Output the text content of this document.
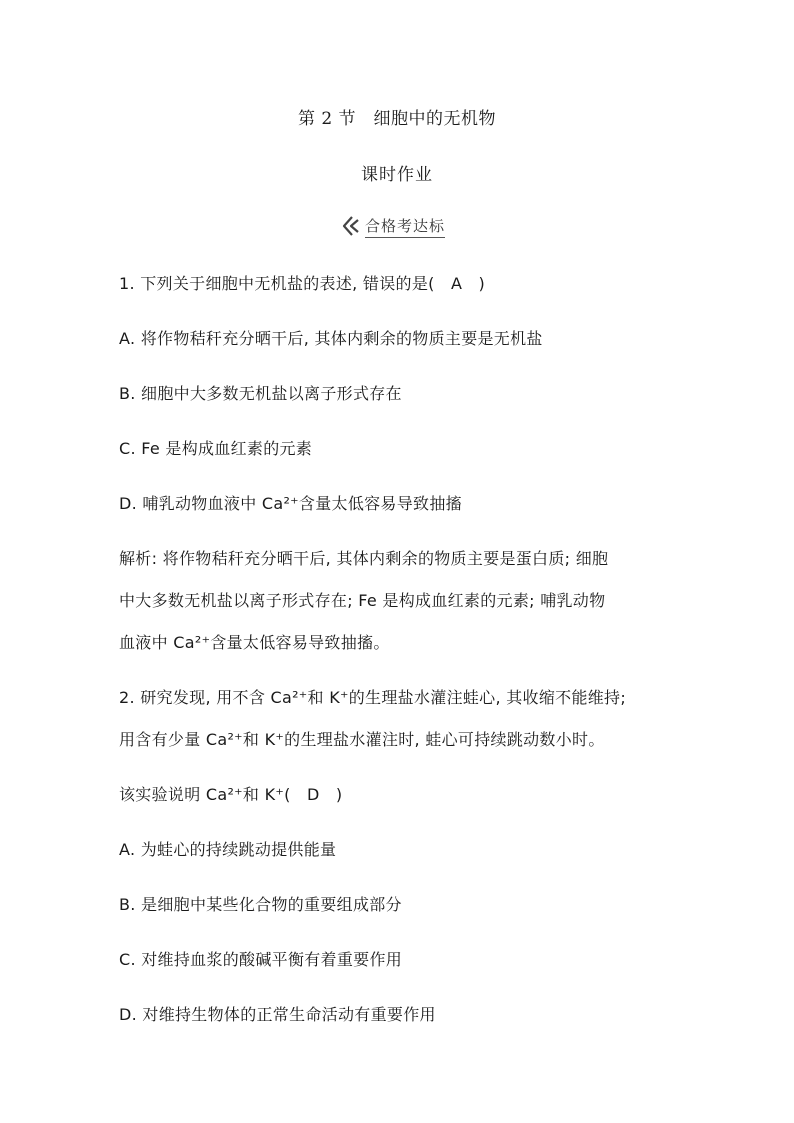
第 2 节　细胞中的无机物
课时作业
合格考达标
1. 下列关于细胞中无机盐的表述, 错误的是(　A　)
A. 将作物秸秆充分晒干后, 其体内剩余的物质主要是无机盐
B. 细胞中大多数无机盐以离子形式存在
C. Fe 是构成血红素的元素
D. 哺乳动物血液中 Ca²⁺含量太低容易导致抽搐
解析: 将作物秸秆充分晒干后, 其体内剩余的物质主要是蛋白质; 细胞
中大多数无机盐以离子形式存在; Fe 是构成血红素的元素; 哺乳动物
血液中 Ca²⁺含量太低容易导致抽搐。
2. 研究发现, 用不含 Ca²⁺和 K⁺的生理盐水灌注蛙心, 其收缩不能维持;
用含有少量 Ca²⁺和 K⁺的生理盐水灌注时, 蛙心可持续跳动数小时。
该实验说明 Ca²⁺和 K⁺(　D　)
A. 为蛙心的持续跳动提供能量
B. 是细胞中某些化合物的重要组成部分
C. 对维持血浆的酸碱平衡有着重要作用
D. 对维持生物体的正常生命活动有重要作用
